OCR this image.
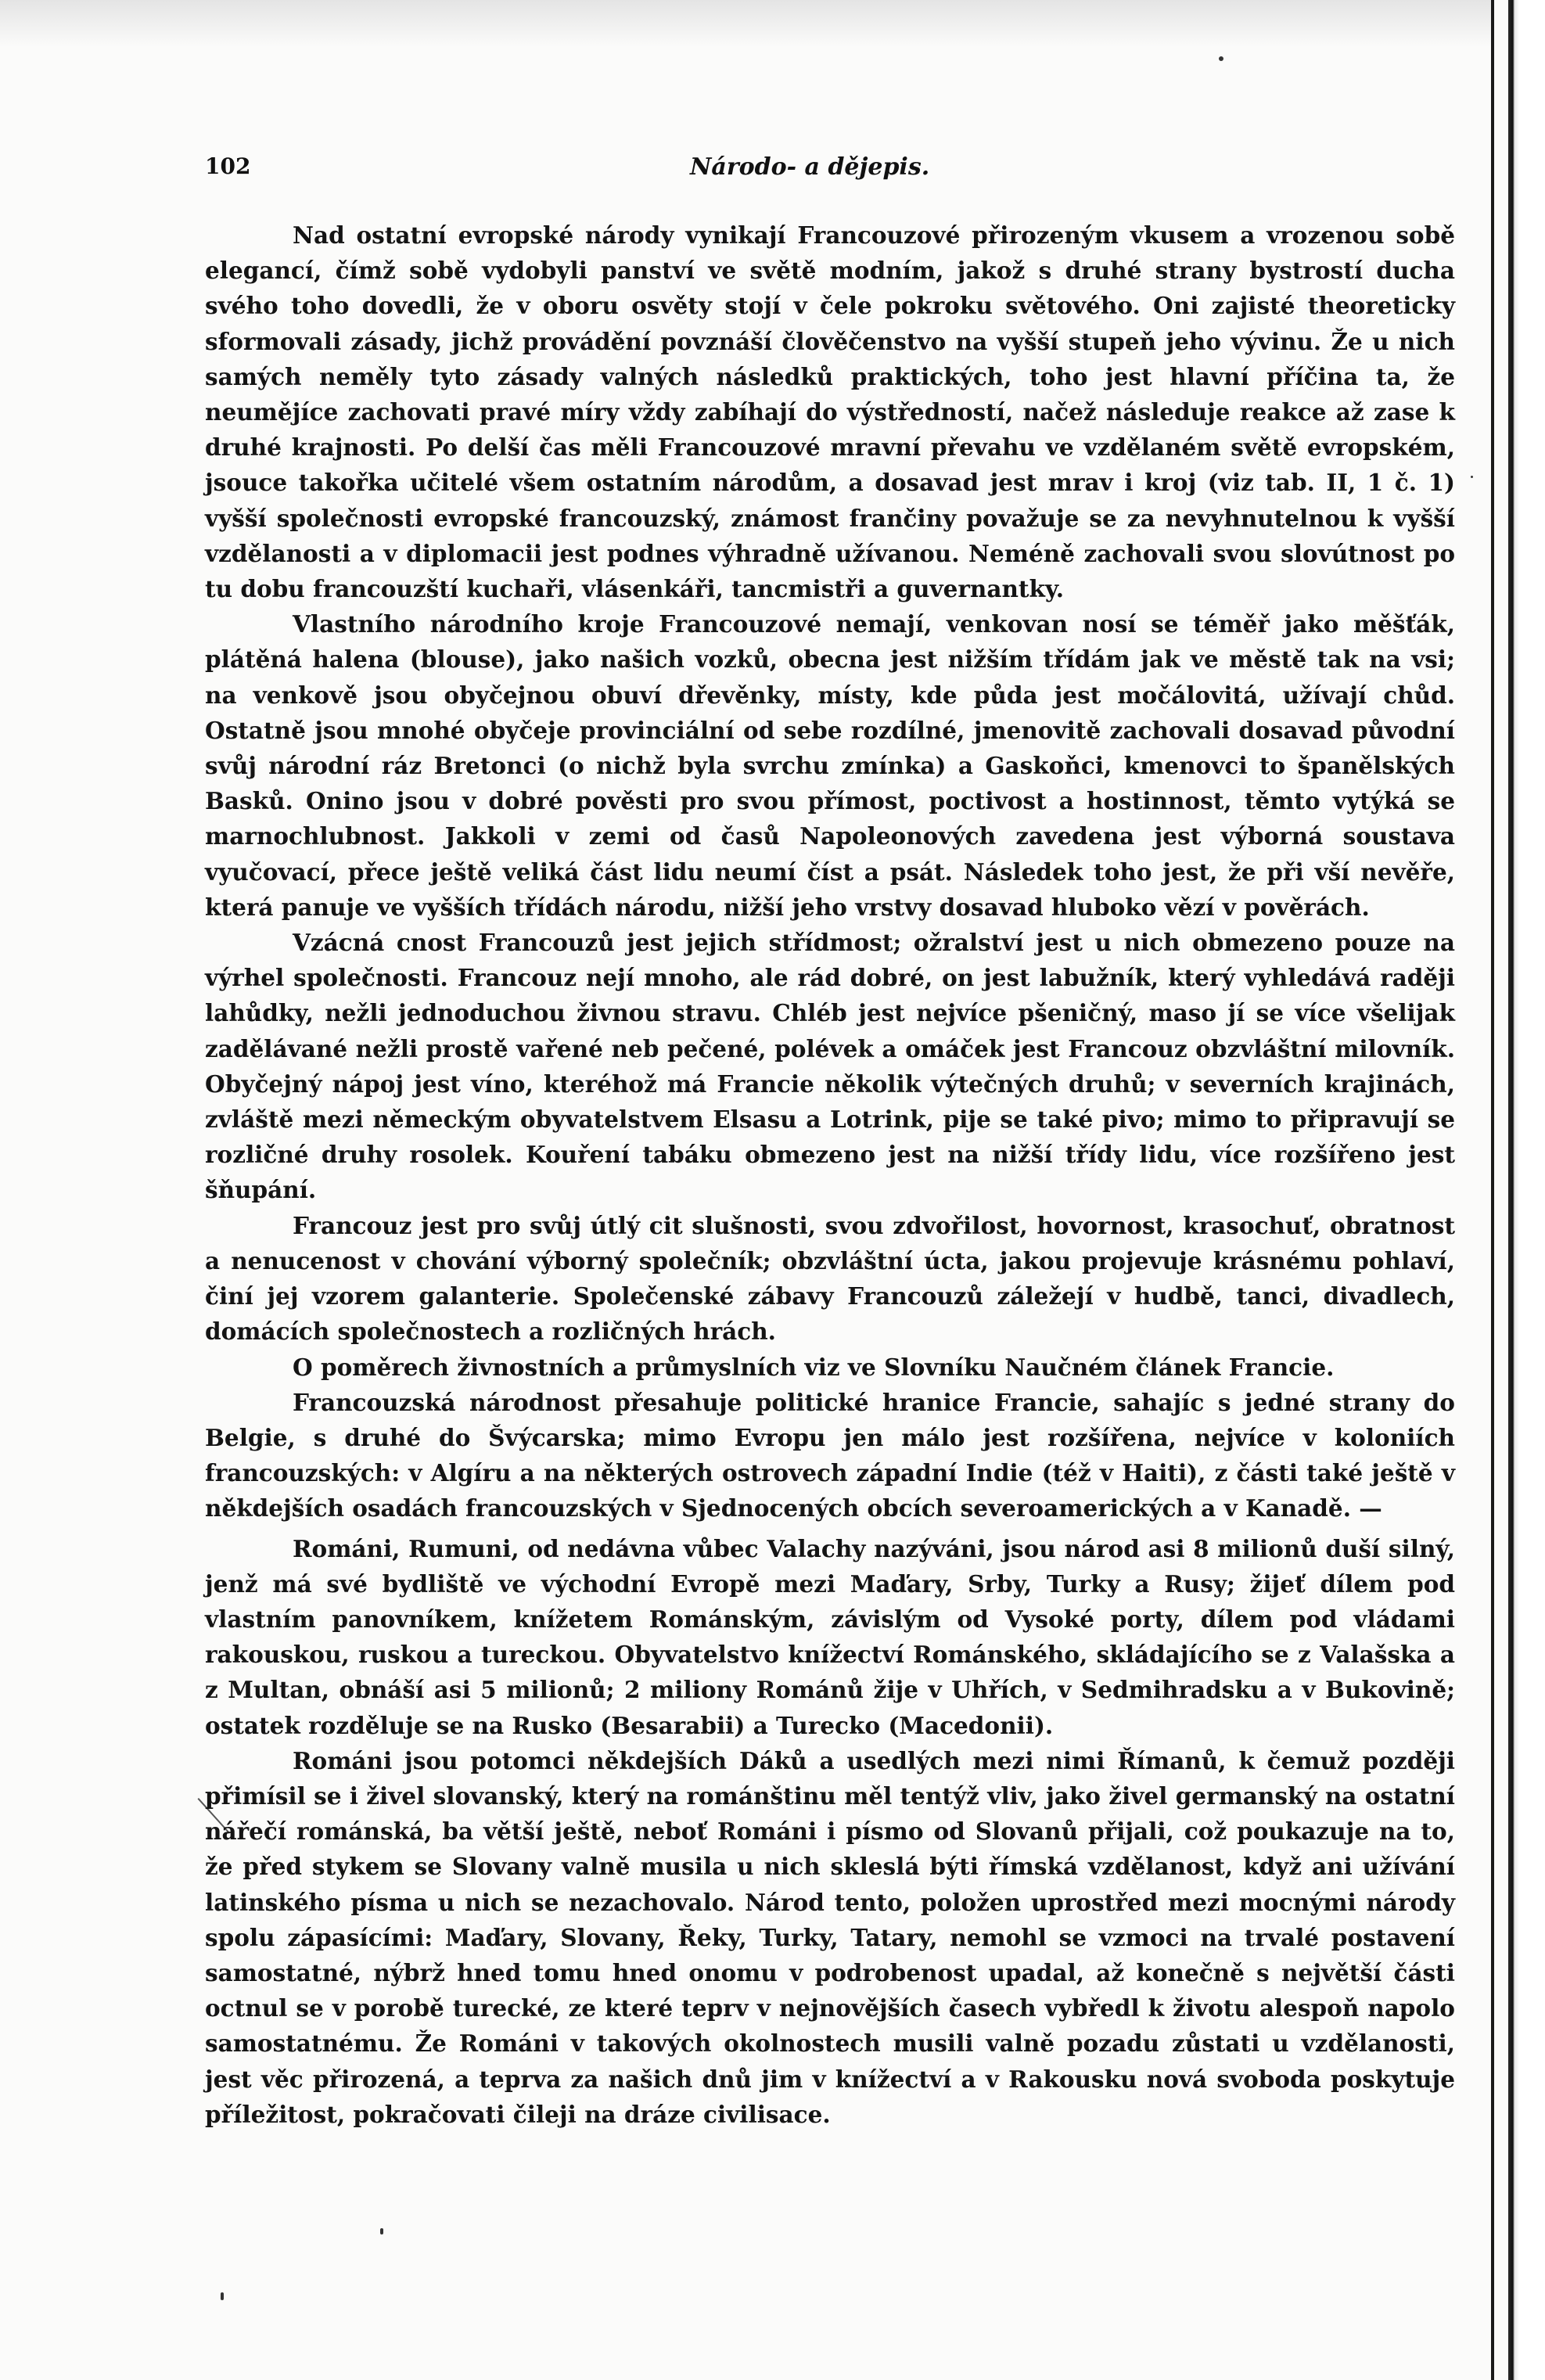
102	Národo- a dějepis.

Nad ostatní evropské národy vynikají Francouzové přirozeným vkusem a vrozenou sobě elegancí, čímž sobě vydobyli panství ve světě modním, jakož s druhé strany bystrostí ducha svého toho dovedli, že v oboru osvěty stojí v čele pokroku světového. Oni zajisté theoreticky sformovali zásady, jichž provádění povznáší člověčenstvo na vyšší stupeň jeho vývinu. Že u nich samých neměly tyto zásady valných následků praktických, toho jest hlavní příčina ta, že neumějíce zachovati pravé míry vždy zabíhají do výstředností, načež následuje reakce až zase k druhé krajnosti. Po delší čas měli Francouzové mravní převahu ve vzdělaném světě evropském, jsouce takořka učitelé všem ostatním národům, a dosavad jest mrav i kroj (viz tab. II, 1 č. 1) vyšší společnosti evropské francouzský, známost frančiny považuje se za nevyhnutelnou k vyšší vzdělanosti a v diplomacii jest podnes výhradně užívanou. Neméně zachovali svou slovútnost po tu dobu francouzští kuchaři, vlásenkáři, tancmistři a guvernantky.

Vlastního národního kroje Francouzové nemají, venkovan nosí se téměř jako měšťák, plátěná halena (blouse), jako našich vozků, obecna jest nižším třídám jak ve městě tak na vsi; na venkově jsou obyčejnou obuví dřevěnky, místy, kde půda jest močálovitá, užívají chůd. Ostatně jsou mnohé obyčeje provinciální od sebe rozdílné, jmenovitě zachovali dosavad původní svůj národní ráz Bretonci (o nichž byla svrchu zmínka) a Gaskoňci, kmenovci to španělských Basků. Onino jsou v dobré pověsti pro svou přímost, poctivost a hostinnost, těmto vytýká se marnochlubnost. Jakkoli v zemi od časů Napoleonových zavedena jest výborná soustava vyučovací, přece ještě veliká část lidu neumí číst a psát. Následek toho jest, že při vší nevěře, která panuje ve vyšších třídách národu, nižší jeho vrstvy dosavad hluboko vězí v pověrách.

Vzácná cnost Francouzů jest jejich střídmost; ožralství jest u nich obmezeno pouze na výrhel společnosti. Francouz nejí mnoho, ale rád dobré, on jest labužník, který vyhledává raději lahůdky, nežli jednoduchou živnou stravu. Chléb jest nejvíce pšeničný, maso jí se více všelijak zadělávané nežli prostě vařené neb pečené, polévek a omáček jest Francouz obzvláštní milovník. Obyčejný nápoj jest víno, kteréhož má Francie několik výtečných druhů; v severních krajinách, zvláště mezi německým obyvatelstvem Elsasu a Lotrink, pije se také pivo; mimo to připravují se rozličné druhy rosolek. Kouření tabáku obmezeno jest na nižší třídy lidu, více rozšířeno jest šňupání.

Francouz jest pro svůj útlý cit slušnosti, svou zdvořilost, hovornost, krasochuť, obratnost a nenucenost v chování výborný společník; obzvláštní úcta, jakou projevuje krásnému pohlaví, činí jej vzorem galanterie. Společenské zábavy Francouzů záležejí v hudbě, tanci, divadlech, domácích společnostech a rozličných hrách.

O poměrech živnostních a průmyslních viz ve Slovníku Naučném článek Francie.

Francouzská národnost přesahuje politické hranice Francie, sahajíc s jedné strany do Belgie, s druhé do Švýcarska; mimo Evropu jen málo jest rozšířena, nejvíce v koloniích francouzských: v Algíru a na některých ostrovech západní Indie (též v Haiti), z části také ještě v někdejších osadách francouzských v Sjednocených obcích severoamerických a v Kanadě. —

Románi, Rumuni, od nedávna vůbec Valachy nazýváni, jsou národ asi 8 milionů duší silný, jenž má své bydliště ve východní Evropě mezi Maďary, Srby, Turky a Rusy; žijeť dílem pod vlastním panovníkem, knížetem Románským, závislým od Vysoké porty, dílem pod vládami rakouskou, ruskou a tureckou. Obyvatelstvo knížectví Románského, skládajícího se z Valašska a z Multan, obnáší asi 5 milionů; 2 miliony Románů žije v Uhřích, v Sedmihradsku a v Bukovině; ostatek rozděluje se na Rusko (Besarabii) a Turecko (Macedonii).

Románi jsou potomci někdejších Dáků a usedlých mezi nimi Římanů, k čemuž později přimísil se i živel slovanský, který na románštinu měl tentýž vliv, jako živel germanský na ostatní nářečí románská, ba větší ještě, neboť Románi i písmo od Slovanů přijali, což poukazuje na to, že před stykem se Slovany valně musila u nich skleslá býti římská vzdělanost, když ani užívání latinského písma u nich se nezachovalo. Národ tento, položen uprostřed mezi mocnými národy spolu zápasícími: Maďary, Slovany, Řeky, Turky, Tatary, nemohl se vzmoci na trvalé postavení samostatné, nýbrž hned tomu hned onomu v podrobenost upadal, až konečně s největší části octnul se v porobě turecké, ze které teprv v nejnovějších časech vybředl k životu alespoň napolo samostatnému. Že Románi v takových okolnostech musili valně pozadu zůstati u vzdělanosti, jest věc přirozená, a teprva za našich dnů jim v knížectví a v Rakousku nová svoboda poskytuje příležitost, pokračovati čileji na dráze civilisace.
